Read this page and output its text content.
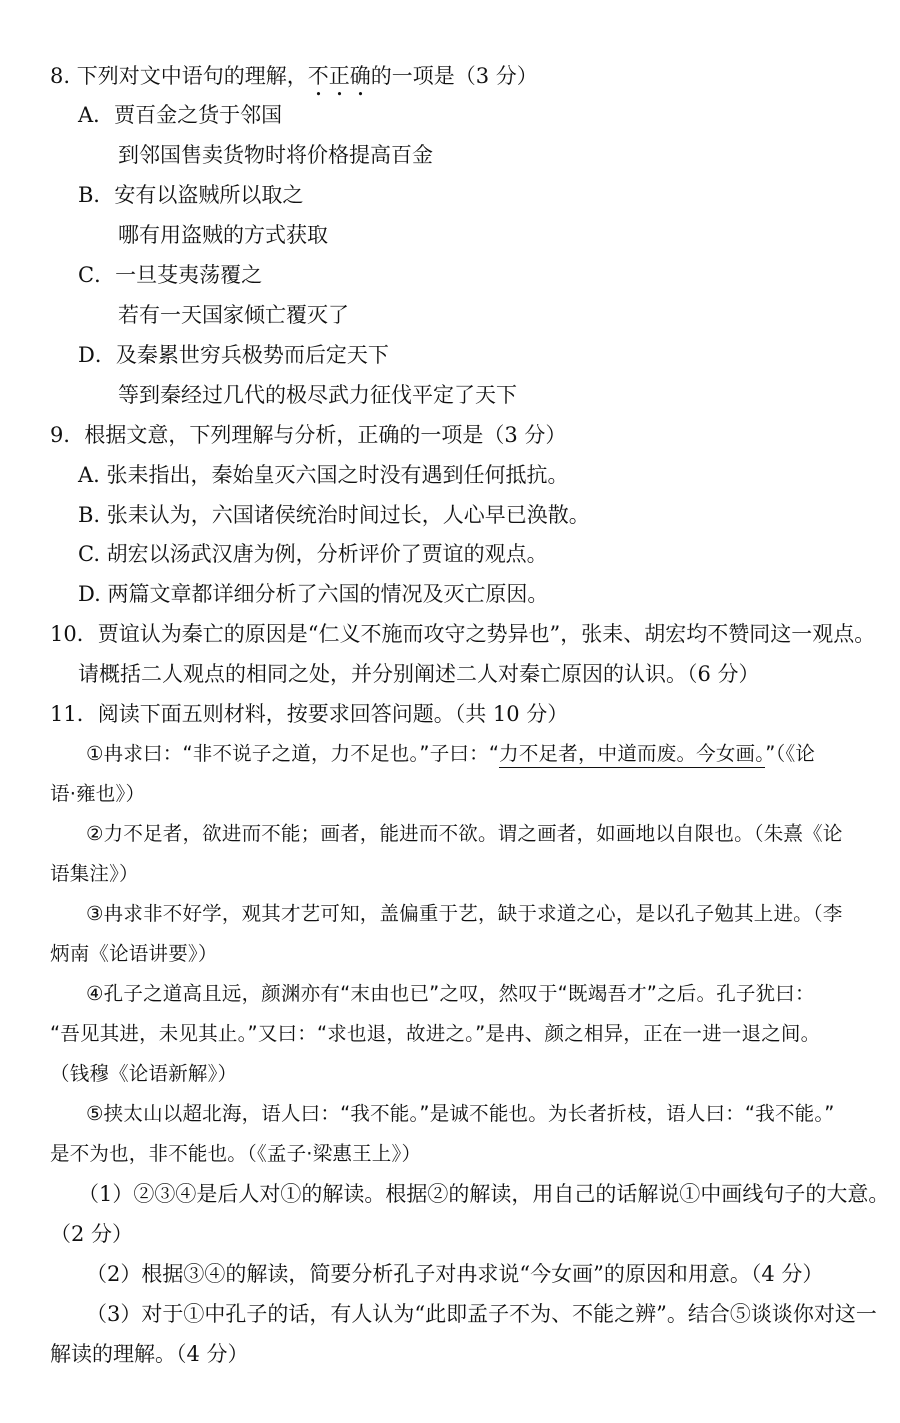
8. 下列对文中语句的理解，不正确的一项是（3 分）
A．贾百金之货于邻国
到邻国售卖货物时将价格提高百金
B．安有以盗贼所以取之
哪有用盗贼的方式获取
C．一旦芟夷荡覆之
若有一天国家倾亡覆灭了
D．及秦累世穷兵极势而后定天下
等到秦经过几代的极尽武力征伐平定了天下
9．根据文意，下列理解与分析，正确的一项是（3 分）
A. 张耒指出，秦始皇灭六国之时没有遇到任何抵抗。
B. 张耒认为，六国诸侯统治时间过长，人心早已涣散。
C. 胡宏以汤武汉唐为例，分析评价了贾谊的观点。
D. 两篇文章都详细分析了六国的情况及灭亡原因。
10．贾谊认为秦亡的原因是“仁义不施而攻守之势异也”，张耒、胡宏均不赞同这一观点。
请概括二人观点的相同之处，并分别阐述二人对秦亡原因的认识。（6 分）
11．阅读下面五则材料，按要求回答问题。（共 10 分）
①冉求曰：“非不说子之道，力不足也。”子曰：“力不足者，中道而废。今女画。”（《论
语·雍也》）
②力不足者，欲进而不能；画者，能进而不欲。谓之画者，如画地以自限也。（朱熹《论
语集注》）
③冉求非不好学，观其才艺可知，盖偏重于艺，缺于求道之心，是以孔子勉其上进。（李
炳南《论语讲要》）
④孔子之道高且远，颜渊亦有“末由也已”之叹，然叹于“既竭吾才”之后。孔子犹曰：
“吾见其进，未见其止。”又曰：“求也退，故进之。”是冉、颜之相异，正在一进一退之间。
（钱穆《论语新解》）
⑤挟太山以超北海，语人曰：“我不能。”是诚不能也。为长者折枝，语人曰：“我不能。”
是不为也，非不能也。（《孟子·梁惠王上》）
（1）②③④是后人对①的解读。根据②的解读，用自己的话解说①中画线句子的大意。
（2 分）
（2）根据③④的解读，简要分析孔子对冉求说“今女画”的原因和用意。（4 分）
（3）对于①中孔子的话，有人认为“此即孟子不为、不能之辨”。结合⑤谈谈你对这一
解读的理解。（4 分）
